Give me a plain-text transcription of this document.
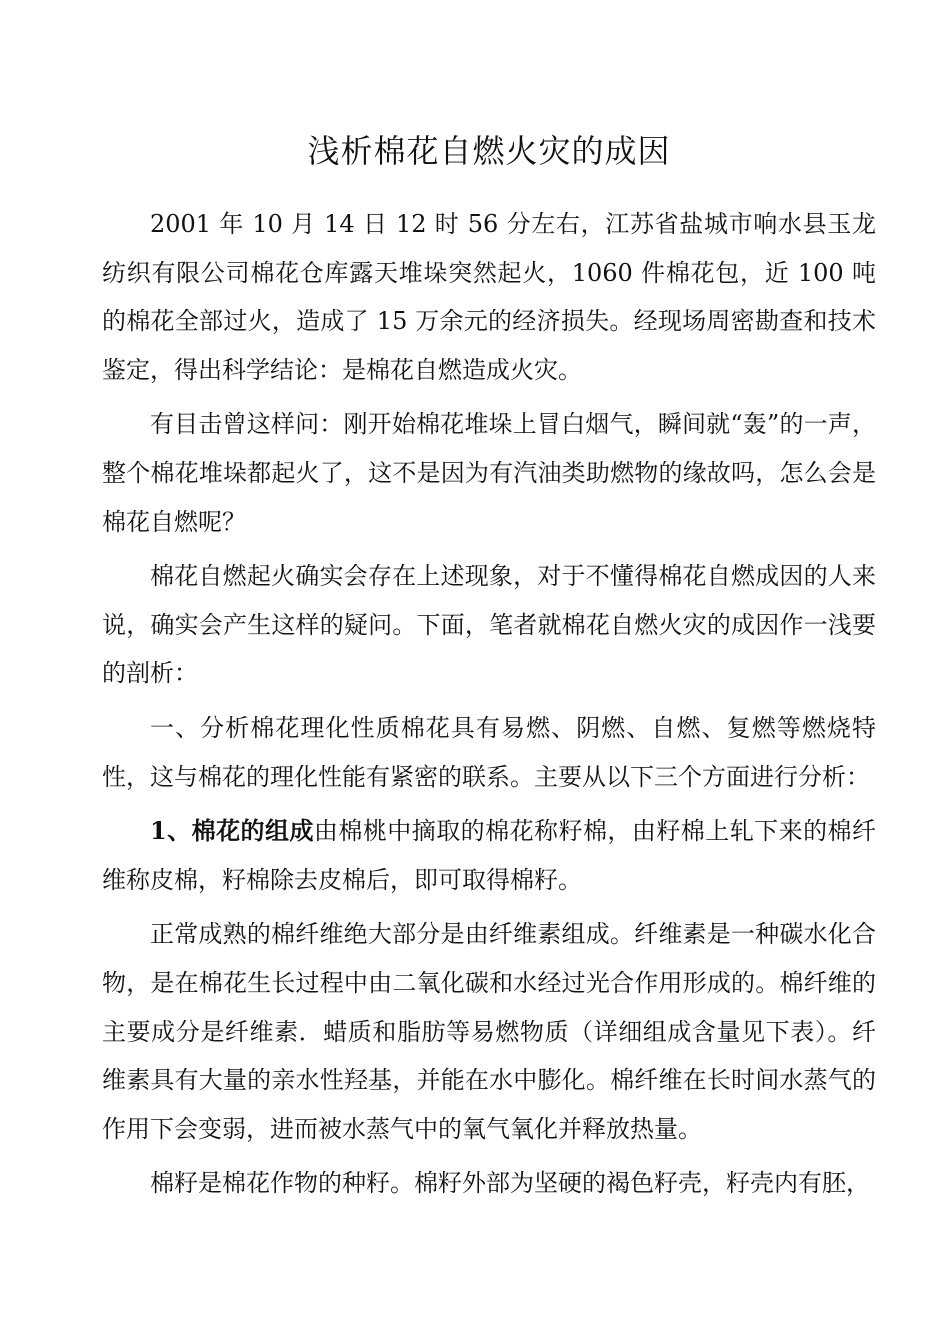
浅析棉花自燃火灾的成因

2001 年 10 月 14 日 12 时 56 分左右，江苏省盐城市响水县玉龙纺织有限公司棉花仓库露天堆垛突然起火，1060 件棉花包，近 100 吨的棉花全部过火，造成了 15 万余元的经济损失。经现场周密勘查和技术鉴定，得出科学结论：是棉花自燃造成火灾。

有目击曾这样问：刚开始棉花堆垛上冒白烟气，瞬间就“轰”的一声，整个棉花堆垛都起火了，这不是因为有汽油类助燃物的缘故吗，怎么会是棉花自燃呢？

棉花自燃起火确实会存在上述现象，对于不懂得棉花自燃成因的人来说，确实会产生这样的疑问。下面，笔者就棉花自燃火灾的成因作一浅要的剖析：

一、分析棉花理化性质棉花具有易燃、阴燃、自燃、复燃等燃烧特性，这与棉花的理化性能有紧密的联系。主要从以下三个方面进行分析：

1、棉花的组成由棉桃中摘取的棉花称籽棉，由籽棉上轧下来的棉纤维称皮棉，籽棉除去皮棉后，即可取得棉籽。

正常成熟的棉纤维绝大部分是由纤维素组成。纤维素是一种碳水化合物，是在棉花生长过程中由二氧化碳和水经过光合作用形成的。棉纤维的主要成分是纤维素．蜡质和脂肪等易燃物质（详细组成含量见下表）。纤维素具有大量的亲水性羟基，并能在水中膨化。棉纤维在长时间水蒸气的作用下会变弱，进而被水蒸气中的氧气氧化并释放热量。

棉籽是棉花作物的种籽。棉籽外部为坚硬的褐色籽壳，籽壳内有胚，
